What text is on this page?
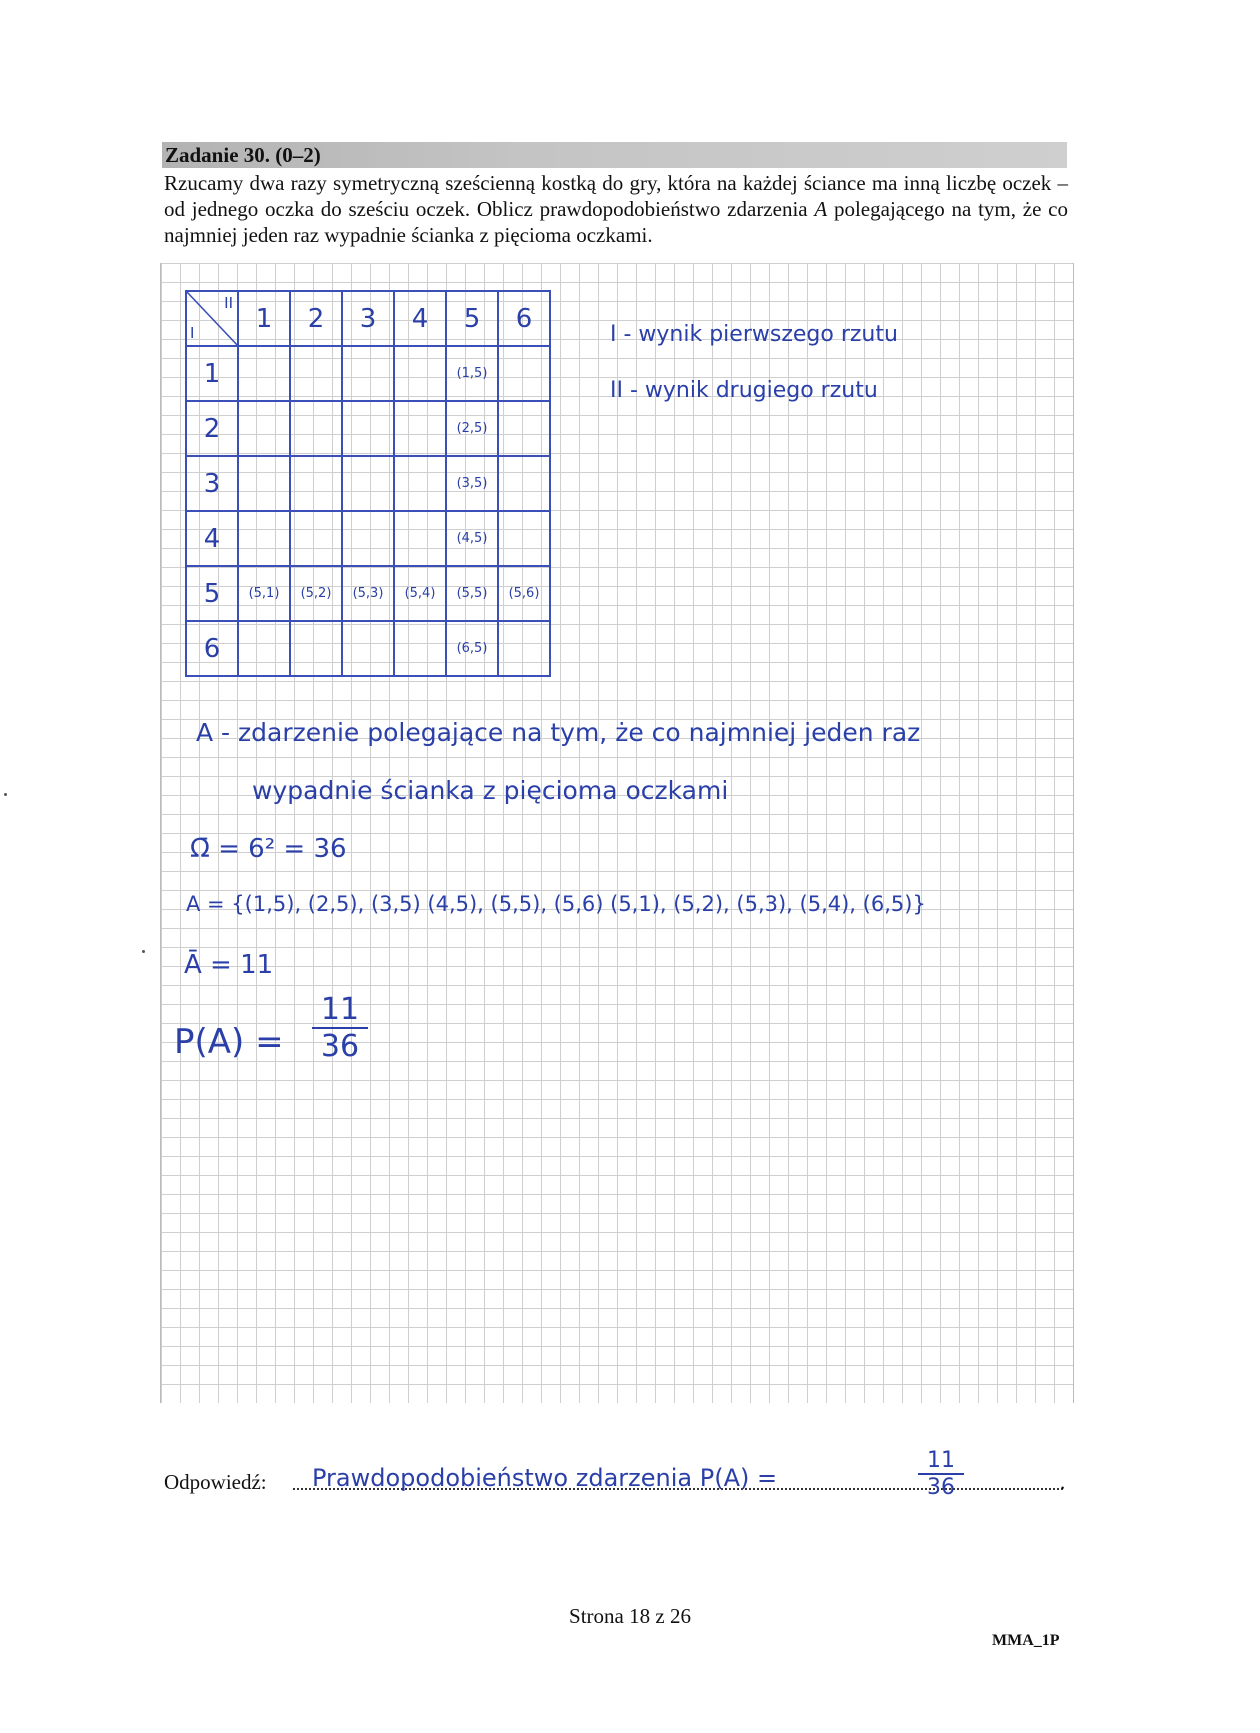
Zadanie 30. (0–2)

Rzucamy dwa razy symetryczną sześcienną kostką do gry, która na każdej ściance ma inną liczbę oczek – od jednego oczka do sześciu oczek. Oblicz prawdopodobieństwo zdarzenia A polegającego na tym, że co najmniej jeden raz wypadnie ścianka z pięcioma oczkami.

I
II	1	2	3	4	5	6
1					(1,5)	
2					(2,5)	
3					(3,5)	
4					(4,5)	
5	(5,1)	(5,2)	(5,3)	(5,4)	(5,5)	(5,6)
6					(6,5)	
I - wynik pierwszego rzutu
II - wynik drugiego rzutu
A - zdarzenie polegające na tym, że co najmniej jeden raz
wypadnie ścianka z pięcioma oczkami
Ω̄ = 6² = 36
A = {(1,5), (2,5), (3,5) (4,5), (5,5), (5,6) (5,1), (5,2), (5,3), (5,4), (6,5)}
Ā = 11
P(A) =
11
36
Odpowiedź: Prawdopodobieństwo zdarzenia P(A) =
11
36	.
Strona 18 z 26
MMA_1P
